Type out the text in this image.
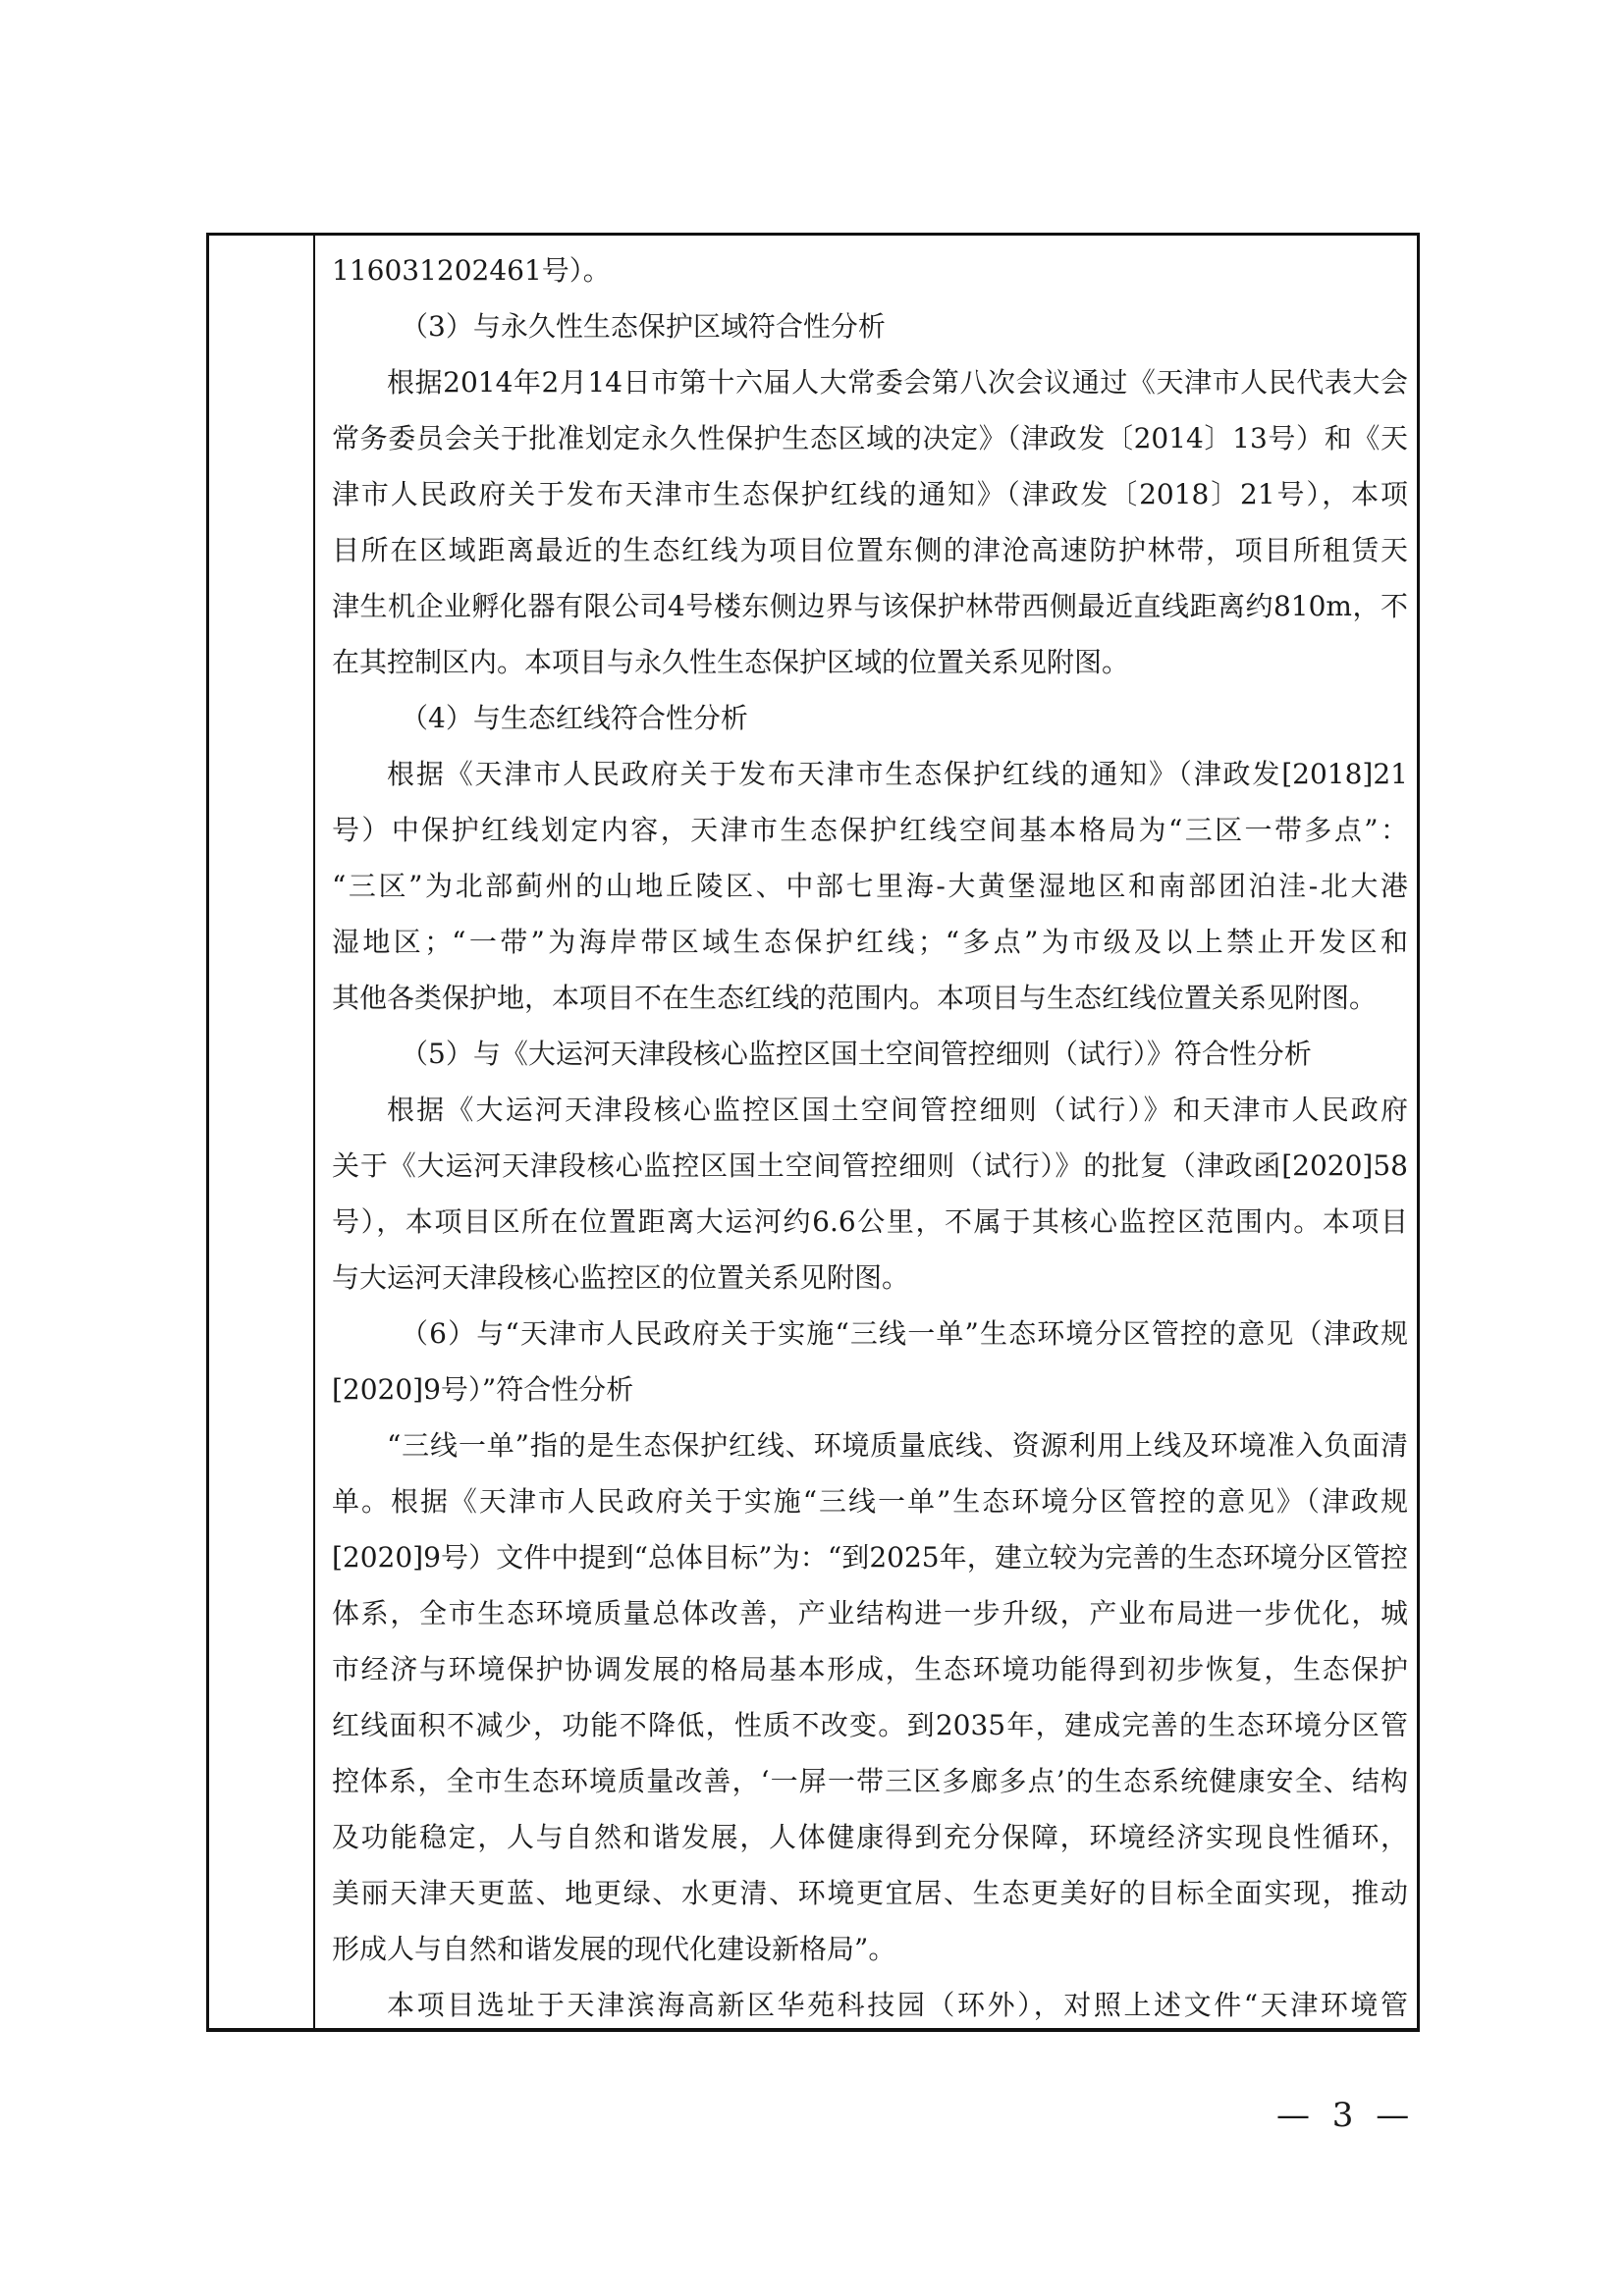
116031202461号）。
（3）与永久性生态保护区域符合性分析
根据2014年2月14日市第十六届人大常委会第八次会议通过《天津市人民代表大会
常务委员会关于批准划定永久性保护生态区域的决定》（津政发〔2014〕13号）和《天
津市人民政府关于发布天津市生态保护红线的通知》（津政发〔2018〕21号），本项
目所在区域距离最近的生态红线为项目位置东侧的津沧高速防护林带，项目所租赁天
津生机企业孵化器有限公司4号楼东侧边界与该保护林带西侧最近直线距离约810m，不
在其控制区内。本项目与永久性生态保护区域的位置关系见附图。
（4）与生态红线符合性分析
根据《天津市人民政府关于发布天津市生态保护红线的通知》（津政发[2018]21
号）中保护红线划定内容，天津市生态保护红线空间基本格局为“三区一带多点”：
“三区”为北部蓟州的山地丘陵区、中部七里海-大黄堡湿地区和南部团泊洼-北大港
湿地区；“一带”为海岸带区域生态保护红线；“多点”为市级及以上禁止开发区和
其他各类保护地，本项目不在生态红线的范围内。本项目与生态红线位置关系见附图。
（5）与《大运河天津段核心监控区国土空间管控细则（试行）》符合性分析
根据《大运河天津段核心监控区国土空间管控细则（试行）》和天津市人民政府
关于《大运河天津段核心监控区国土空间管控细则（试行）》的批复（津政函[2020]58
号），本项目区所在位置距离大运河约6.6公里，不属于其核心监控区范围内。本项目
与大运河天津段核心监控区的位置关系见附图。
（6）与“天津市人民政府关于实施“三线一单”生态环境分区管控的意见（津政规
[2020]9号）”符合性分析
“三线一单”指的是生态保护红线、环境质量底线、资源利用上线及环境准入负面清
单。根据《天津市人民政府关于实施“三线一单”生态环境分区管控的意见》（津政规
[2020]9号）文件中提到“总体目标”为：“到2025年，建立较为完善的生态环境分区管控
体系，全市生态环境质量总体改善，产业结构进一步升级，产业布局进一步优化，城
市经济与环境保护协调发展的格局基本形成，生态环境功能得到初步恢复，生态保护
红线面积不减少，功能不降低，性质不改变。到2035年，建成完善的生态环境分区管
控体系，全市生态环境质量改善，‘一屏一带三区多廊多点’的生态系统健康安全、结构
及功能稳定，人与自然和谐发展，人体健康得到充分保障，环境经济实现良性循环，
美丽天津天更蓝、地更绿、水更清、环境更宜居、生态更美好的目标全面实现，推动
形成人与自然和谐发展的现代化建设新格局”。
本项目选址于天津滨海高新区华苑科技园（环外），对照上述文件“天津环境管
— 3 —
